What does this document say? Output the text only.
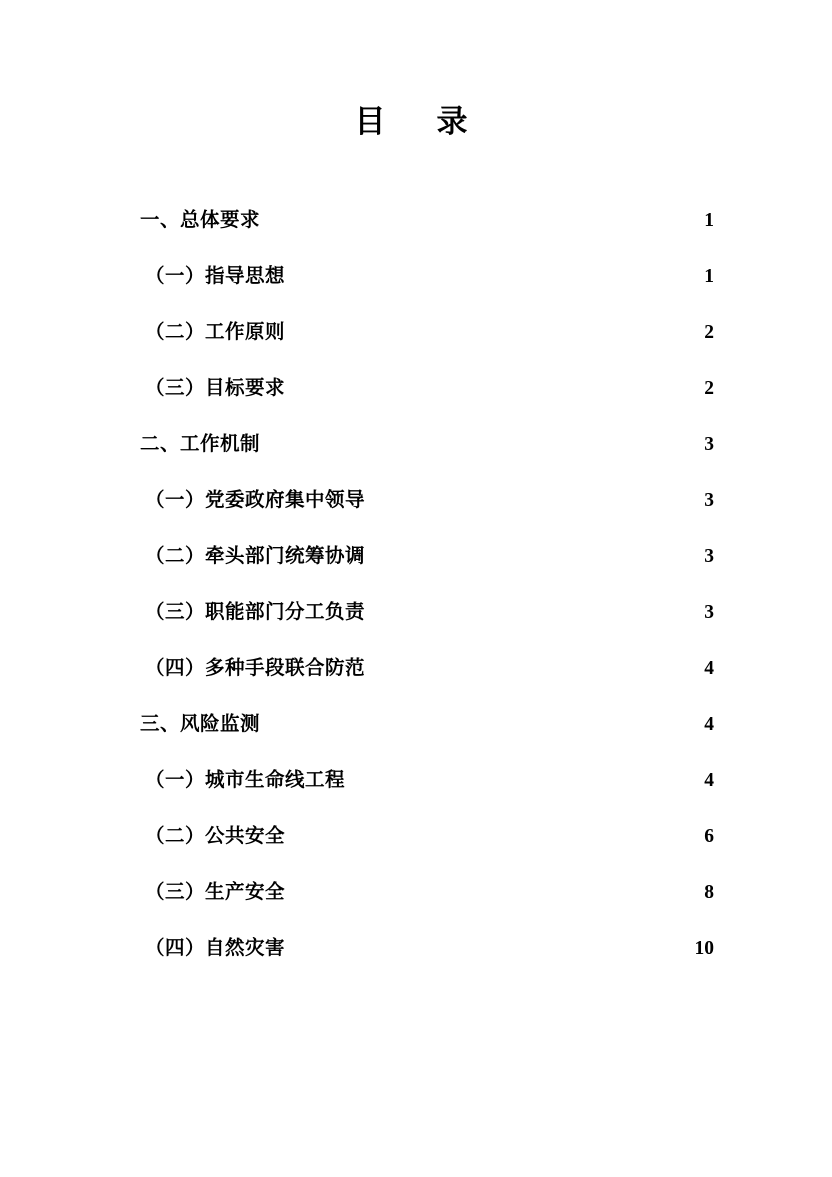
目　录
一、总体要求 .....	1
（一）指导思想 .....	1
（二）工作原则 .....	2
（三）目标要求 .....	2
二、工作机制 .....	3
（一）党委政府集中领导 .....	3
（二）牵头部门统筹协调 .....	3
（三）职能部门分工负责 .....	3
（四）多种手段联合防范 .....	4
三、风险监测 .....	4
（一）城市生命线工程 .....	4
（二）公共安全 .....	6
（三）生产安全 .....	8
（四）自然灾害 .....	10
